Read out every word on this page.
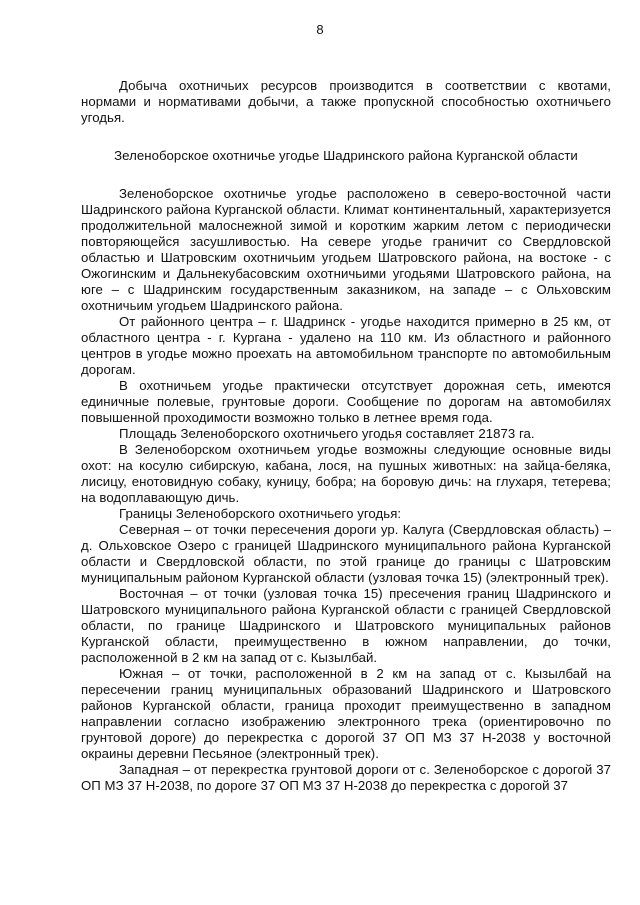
8

Добыча охотничьих ресурсов производится в соответствии с квотами, нормами и нормативами добычи, а также пропускной способностью охотничьего угодья.

Зеленоборское охотничье угодье Шадринского района Курганской области

Зеленоборское охотничье угодье расположено в северо-восточной части Шадринского района Курганской области. Климат континентальный, характеризуется продолжительной малоснежной зимой и коротким жарким летом с периодически повторяющейся засушливостью. На севере угодье граничит со Свердловской областью и Шатровским охотничьим угодьем Шатровского района, на востоке - с Ожогинским и Дальнекубасовским охотничьими угодьями Шатровского района, на юге – с Шадринским государственным заказником, на западе – с Ольховским охотничьим угодьем Шадринского района.

От районного центра – г. Шадринск - угодье находится примерно в 25 км, от областного центра - г. Кургана - удалено на 110 км. Из областного и районного центров в угодье можно проехать на автомобильном транспорте по автомобильным дорогам.

В охотничьем угодье практически отсутствует дорожная сеть, имеются единичные полевые, грунтовые дороги. Сообщение по дорогам на автомобилях повышенной проходимости возможно только в летнее время года.

Площадь Зеленоборского охотничьего угодья составляет 21873 га.

В Зеленоборском охотничьем угодье возможны следующие основные виды охот: на косулю сибирскую, кабана, лося, на пушных животных: на зайца-беляка, лисицу, енотовидную собаку, куницу, бобра; на боровую дичь: на глухаря, тетерева; на водоплавающую дичь.

Границы Зеленоборского охотничьего угодья:

Северная – от точки пересечения дороги ур. Калуга (Свердловская область) – д. Ольховское Озеро с границей Шадринского муниципального района Курганской области и Свердловской области, по этой границе до границы с Шатровским муниципальным районом Курганской области (узловая точка 15) (электронный трек).

Восточная – от точки (узловая точка 15) пресечения границ Шадринского и Шатровского муниципального района Курганской области с границей Свердловской области, по границе Шадринского и Шатровского муниципальных районов Курганской области, преимущественно в южном направлении, до точки, расположенной в 2 км на запад от с. Кызылбай.

Южная – от точки, расположенной в 2 км на запад от с. Кызылбай на пересечении границ муниципальных образований Шадринского и Шатровского районов Курганской области, граница проходит преимущественно в западном направлении согласно изображению электронного трека (ориентировочно по грунтовой дороге) до перекрестка с дорогой 37 ОП МЗ 37 Н-2038 у восточной окраины деревни Песьяное (электронный трек).

Западная – от перекрестка грунтовой дороги от с. Зеленоборское с дорогой 37 ОП МЗ 37 Н-2038, по дороге 37 ОП МЗ 37 Н-2038 до перекрестка с дорогой 37
